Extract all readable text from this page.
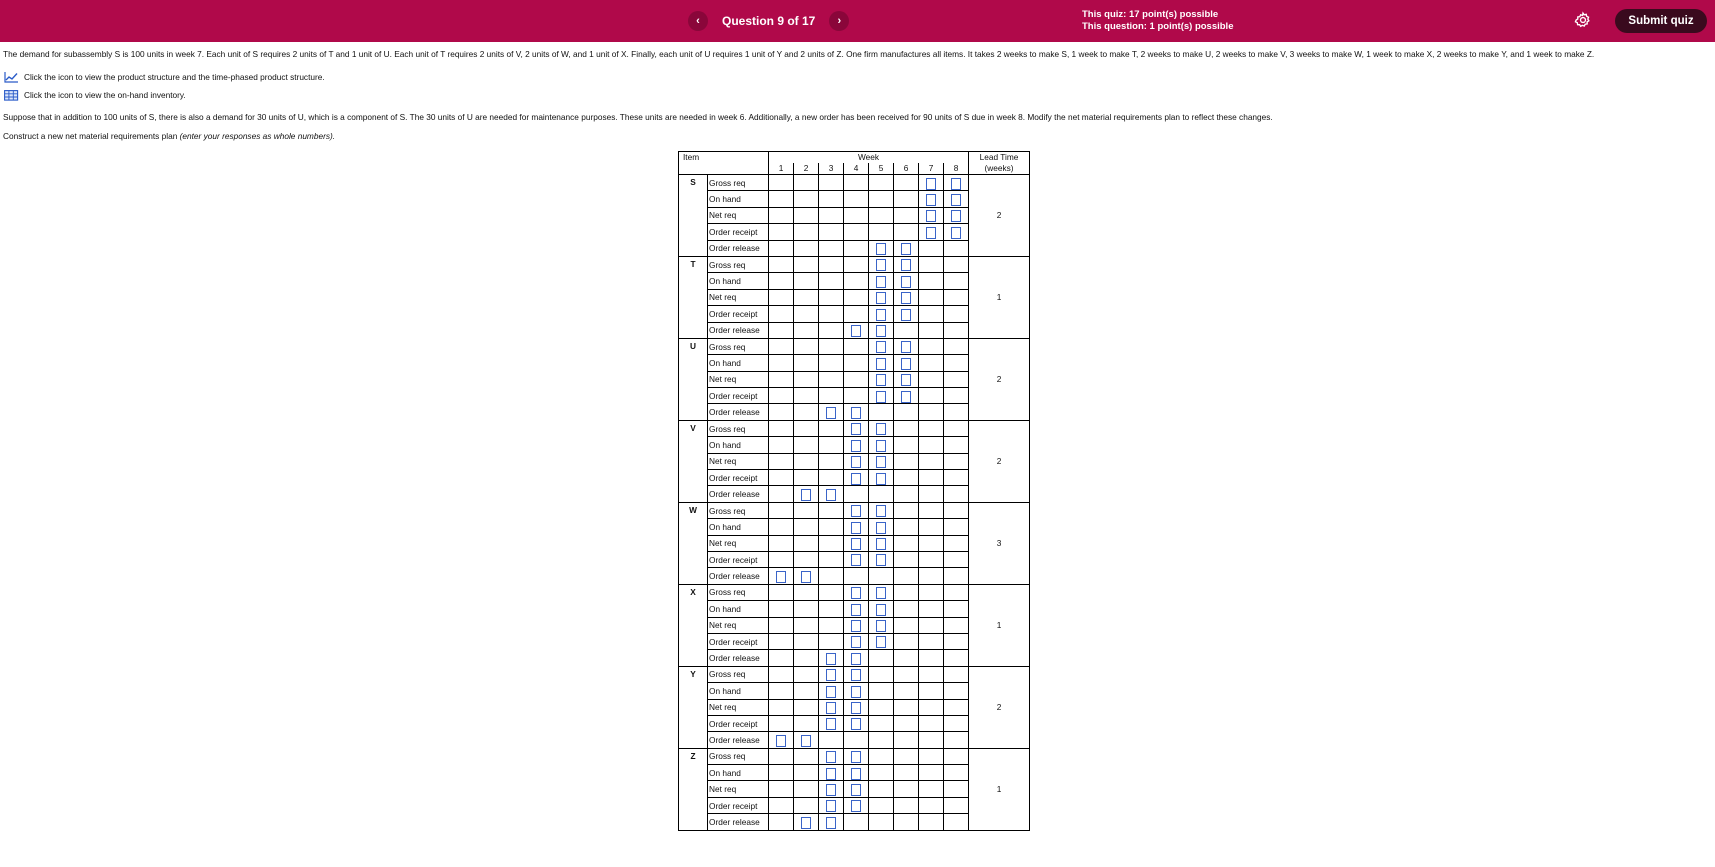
‹	Question 9 of 17	›
This quiz: 17 point(s) possible
This question: 1 point(s) possible	Submit quiz
The demand for subassembly S is 100 units in week 7. Each unit of S requires 2 units of T and 1 unit of U. Each unit of T requires 2 units of V, 2 units of W, and 1 unit of X. Finally, each unit of U requires 1 unit of Y and 2 units of Z. One firm manufactures all items. It takes 2 weeks to make S, 1 week to make T, 2 weeks to make U, 2 weeks to make V, 3 weeks to make W, 1 week to make X, 2 weeks to make Y, and 1 week to make Z.
Click the icon to view the product structure and the time-phased product structure.
Click the icon to view the on-hand inventory.
Suppose that in addition to 100 units of S, there is also a demand for 30 units of U, which is a component of S. The 30 units of U are needed for maintenance purposes. These units are needed in week 6. Additionally, a new order has been received for 90 units of S due in week 8. Modify the net material requirements plan to reflect these changes.
Construct a new net material requirements plan (enter your responses as whole numbers).
Item		Week								Lead Time
		1	2	3	4	5	6	7	8	(weeks)
S	Gross req									2
	On hand									
	Net req									
	Order receipt									
	Order release									
T	Gross req									1
	On hand									
	Net req									
	Order receipt									
	Order release									
U	Gross req									2
	On hand									
	Net req									
	Order receipt									
	Order release									
V	Gross req									2
	On hand									
	Net req									
	Order receipt									
	Order release									
W	Gross req									3
	On hand									
	Net req									
	Order receipt									
	Order release									
X	Gross req									1
	On hand									
	Net req									
	Order receipt									
	Order release									
Y	Gross req									2
	On hand									
	Net req									
	Order receipt									
	Order release									
Z	Gross req									1
	On hand									
	Net req									
	Order receipt									
	Order release									
